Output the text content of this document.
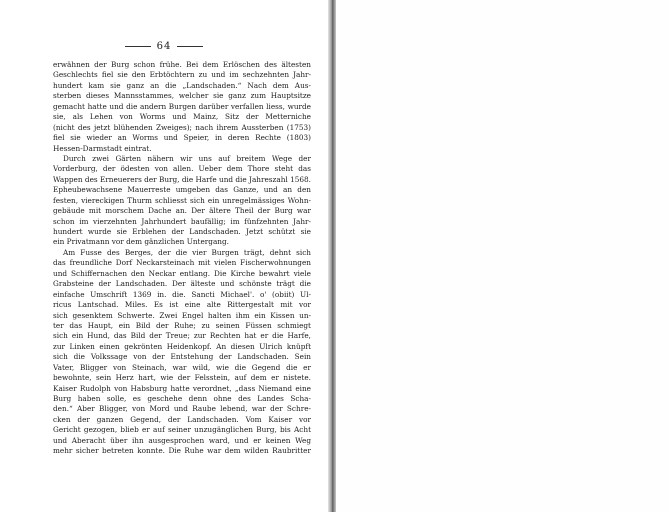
64
erwähnen der Burg schon frühe. Bei dem Erlöschen des ältesten
Geschlechts fiel sie den Erbtöchtern zu und im sechzehnten Jahr-
hundert kam sie ganz an die „Landschaden.“ Nach dem Aus-
sterben dieses Mannsstammes, welcher sie ganz zum Hauptsitze
gemacht hatte und die andern Burgen darüber verfallen liess, wurde
sie, als Lehen von Worms und Mainz, Sitz der Metterniche
(nicht des jetzt blühenden Zweiges); nach ihrem Aussterben (1753)
fiel sie wieder an Worms und Speier, in deren Rechte (1803)
Hessen-Darmstadt eintrat.
Durch zwei Gärten nähern wir uns auf breitem Wege der
Vorderburg, der ödesten von allen. Ueber dem Thore steht das
Wappen des Erneuerers der Burg, die Harfe und die Jahreszahl 1568.
Epheubewachsene Mauerreste umgeben das Ganze, und an den
festen, viereckigen Thurm schliesst sich ein unregelmässiges Wohn-
gebäude mit morschem Dache an. Der ältere Theil der Burg war
schon im vierzehnten Jahrhundert baufällig; im fünfzehnten Jahr-
hundert wurde sie Erblehen der Landschaden. Jetzt schützt sie
ein Privatmann vor dem gänzlichen Untergang.
Am Fusse des Berges, der die vier Burgen trägt, dehnt sich
das freundliche Dorf Neckarsteinach mit vielen Fischerwohnungen
und Schiffernachen den Neckar entlang. Die Kirche bewahrt viele
Grabsteine der Landschaden. Der älteste und schönste trägt die
einfache Umschrift 1369 in. die. Sancti Michael'. o' (obiit) Ul-
ricus Lantschad. Miles. Es ist eine alte Rittergestalt mit vor
sich gesenktem Schwerte. Zwei Engel halten ihm ein Kissen un-
ter das Haupt, ein Bild der Ruhe; zu seinen Füssen schmiegt
sich ein Hund, das Bild der Treue; zur Rechten hat er die Harfe,
zur Linken einen gekrönten Heidenkopf. An diesen Ulrich knüpft
sich die Volkssage von der Entstehung der Landschaden. Sein
Vater, Bligger von Steinach, war wild, wie die Gegend die er
bewohnte, sein Herz hart, wie der Felsstein, auf dem er nistete.
Kaiser Rudolph von Habsburg hatte verordnet, „dass Niemand eine
Burg haben solle, es geschehe denn ohne des Landes Scha-
den.“ Aber Bligger, von Mord und Raube lebend, war der Schre-
cken der ganzen Gegend, der Landschaden. Vom Kaiser vor
Gericht gezogen, blieb er auf seiner unzugänglichen Burg, bis Acht
und Aberacht über ihn ausgesprochen ward, und er keinen Weg
mehr sicher betreten konnte. Die Ruhe war dem wilden Raubritter
